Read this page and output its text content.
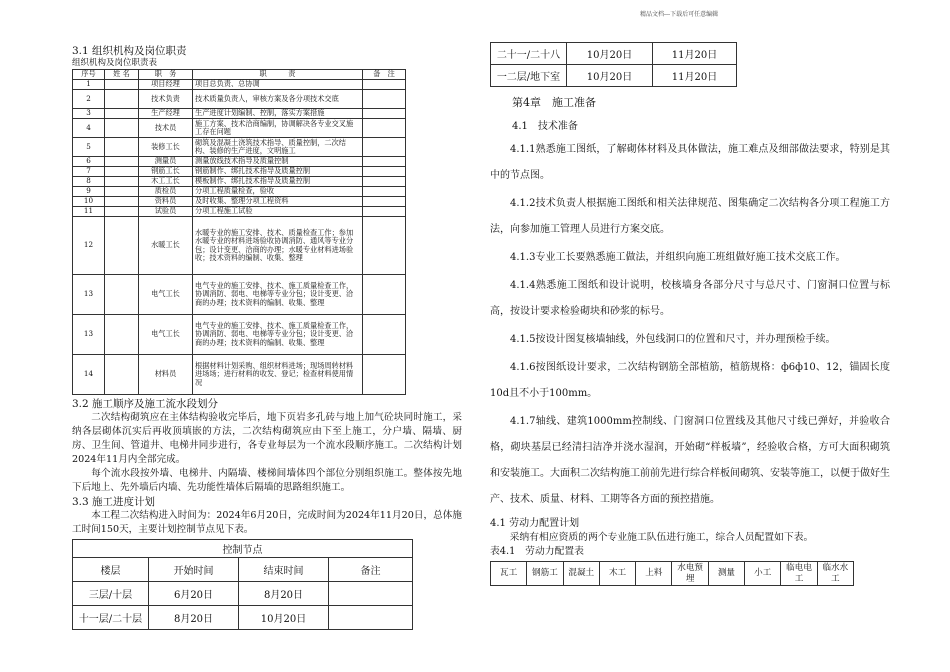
精品文档---下载后可任意编辑
3.1 组织机构及岗位职责
组织机构及岗位职责表
序号	姓 名	职　务	职　　　责	备　注
1		项目经理	项目总负责、总协调	
2		技术负责	技术质量负责人，审核方案及各分项技术交底	
3		生产经理	生产进度计划编制、控制，落实方案措施	
4		技术员	施工方案、技术洽商编制，协调解决各专业交叉施工存在问题	
5		装修工长	砌筑及混凝土浇筑技术指导、质量控制，二次结构、装修的生产进度，文明施工	
6		测量员	测量放线技术指导及质量控制	
7		钢筋工长	钢筋制作、绑扎技术指导及质量控制	
8		木工工长	模板制作、绑扎技术指导及质量控制	
9		质检员	分项工程质量检查，验收	
10		资料员	及时收集、整理分项工程资料	
11		试验员	分项工程施工试验	
12		水暖工长	水暖专业的施工安排、技术、质量检查工作；参加水暖专业的材料进场验收协调消防、通风等专业分包；设计变更、洽商的办理；水暖专业材料进场验收；技术资料的编制、收集、整理	
13		电气工长	电气专业的施工安排、技术、施工质量检查工作，协调消防、弱电、电梯等专业分包；设计变更、洽商的办理；技术资料的编制、收集、整理	
13		电气工长	电气专业的施工安排、技术、施工质量检查工作，协调消防、弱电、电梯等专业分包；设计变更、洽商的办理；技术资料的编制、收集、整理	
14		材料员	根据材料计划采购、组织材料进场；现场周转材料进场场；进行材料的收发、登记；检查材料使用情况	
3.2 施工顺序及施工流水段划分

二次结构砌筑应在主体结构验收完毕后，地下页岩多孔砖与地上加气砼块同时施工，采纳各层砌体沉实后再收顶填嵌的方法，二次结构砌筑应由下至上施工，分户墙、隔墙、厨房、卫生间、管道井、电梯井同步进行，各专业每层为一个流水段顺序施工。二次结构计划2024年11月内全部完成。

每个流水段按外墙、电梯井、内隔墙、楼梯间墙体四个部位分别组织施工。整体按先地下后地上、先外墙后内墙、先功能性墙体后隔墙的思路组织施工。

3.3 施工进度计划

本工程二次结构进入时间为：2024年6月20日，完成时间为2024年11月20日，总体施工时间150天，主要计划控制节点见下表。

控制节点			
楼层	开始时间	结束时间	备注
三层/十层	6月20日	8月20日	
十一层/二十层	8月20日	10月20日	
二十一/二十八	10月20日	11月20日
一二层/地下室	10月20日	11月20日
第4章　施工准备
4.1　技术准备

4.1.1熟悉施工图纸，了解砌体材料及具体做法，施工难点及细部做法要求，特别是其中的节点图。

4.1.2技术负责人根据施工图纸和相关法律规范、图集确定二次结构各分项工程施工方法，向参加施工管理人员进行方案交底。

4.1.3专业工长要熟悉施工做法，并组织向施工班组做好施工技术交底工作。

4.1.4熟悉施工图纸和设计说明，校核墙身各部分尺寸与总尺寸、门窗洞口位置与标高，按设计要求检验砌块和砂浆的标号。

4.1.5按设计图复核墙轴线，外包线洞口的位置和尺寸，并办理预检手续。

4.1.6按图纸设计要求，二次结构钢筋全部植筋，植筋规格：ф6ф10、12，锚固长度10d且不小于100mm。

4.1.7轴线、建筑1000mm控制线、门窗洞口位置线及其他尺寸线已弹好，并验收合格，砌块基层已经清扫洁净并浇水湿润，开始砌“样板墙”，经验收合格，方可大面积砌筑和安装施工。大面积二次结构施工前前先进行综合样板间砌筑、安装等施工，以便于做好生产、技术、质量、材料、工期等各方面的预控措施。

4.1 劳动力配置计划

采纳有相应资质的两个专业施工队伍进行施工，综合人员配置如下表。

表4.1　劳动力配置表
瓦工	钢筋工	混凝土	木工	上料	水电预埋	测量	小工	临电电工	临水水工
